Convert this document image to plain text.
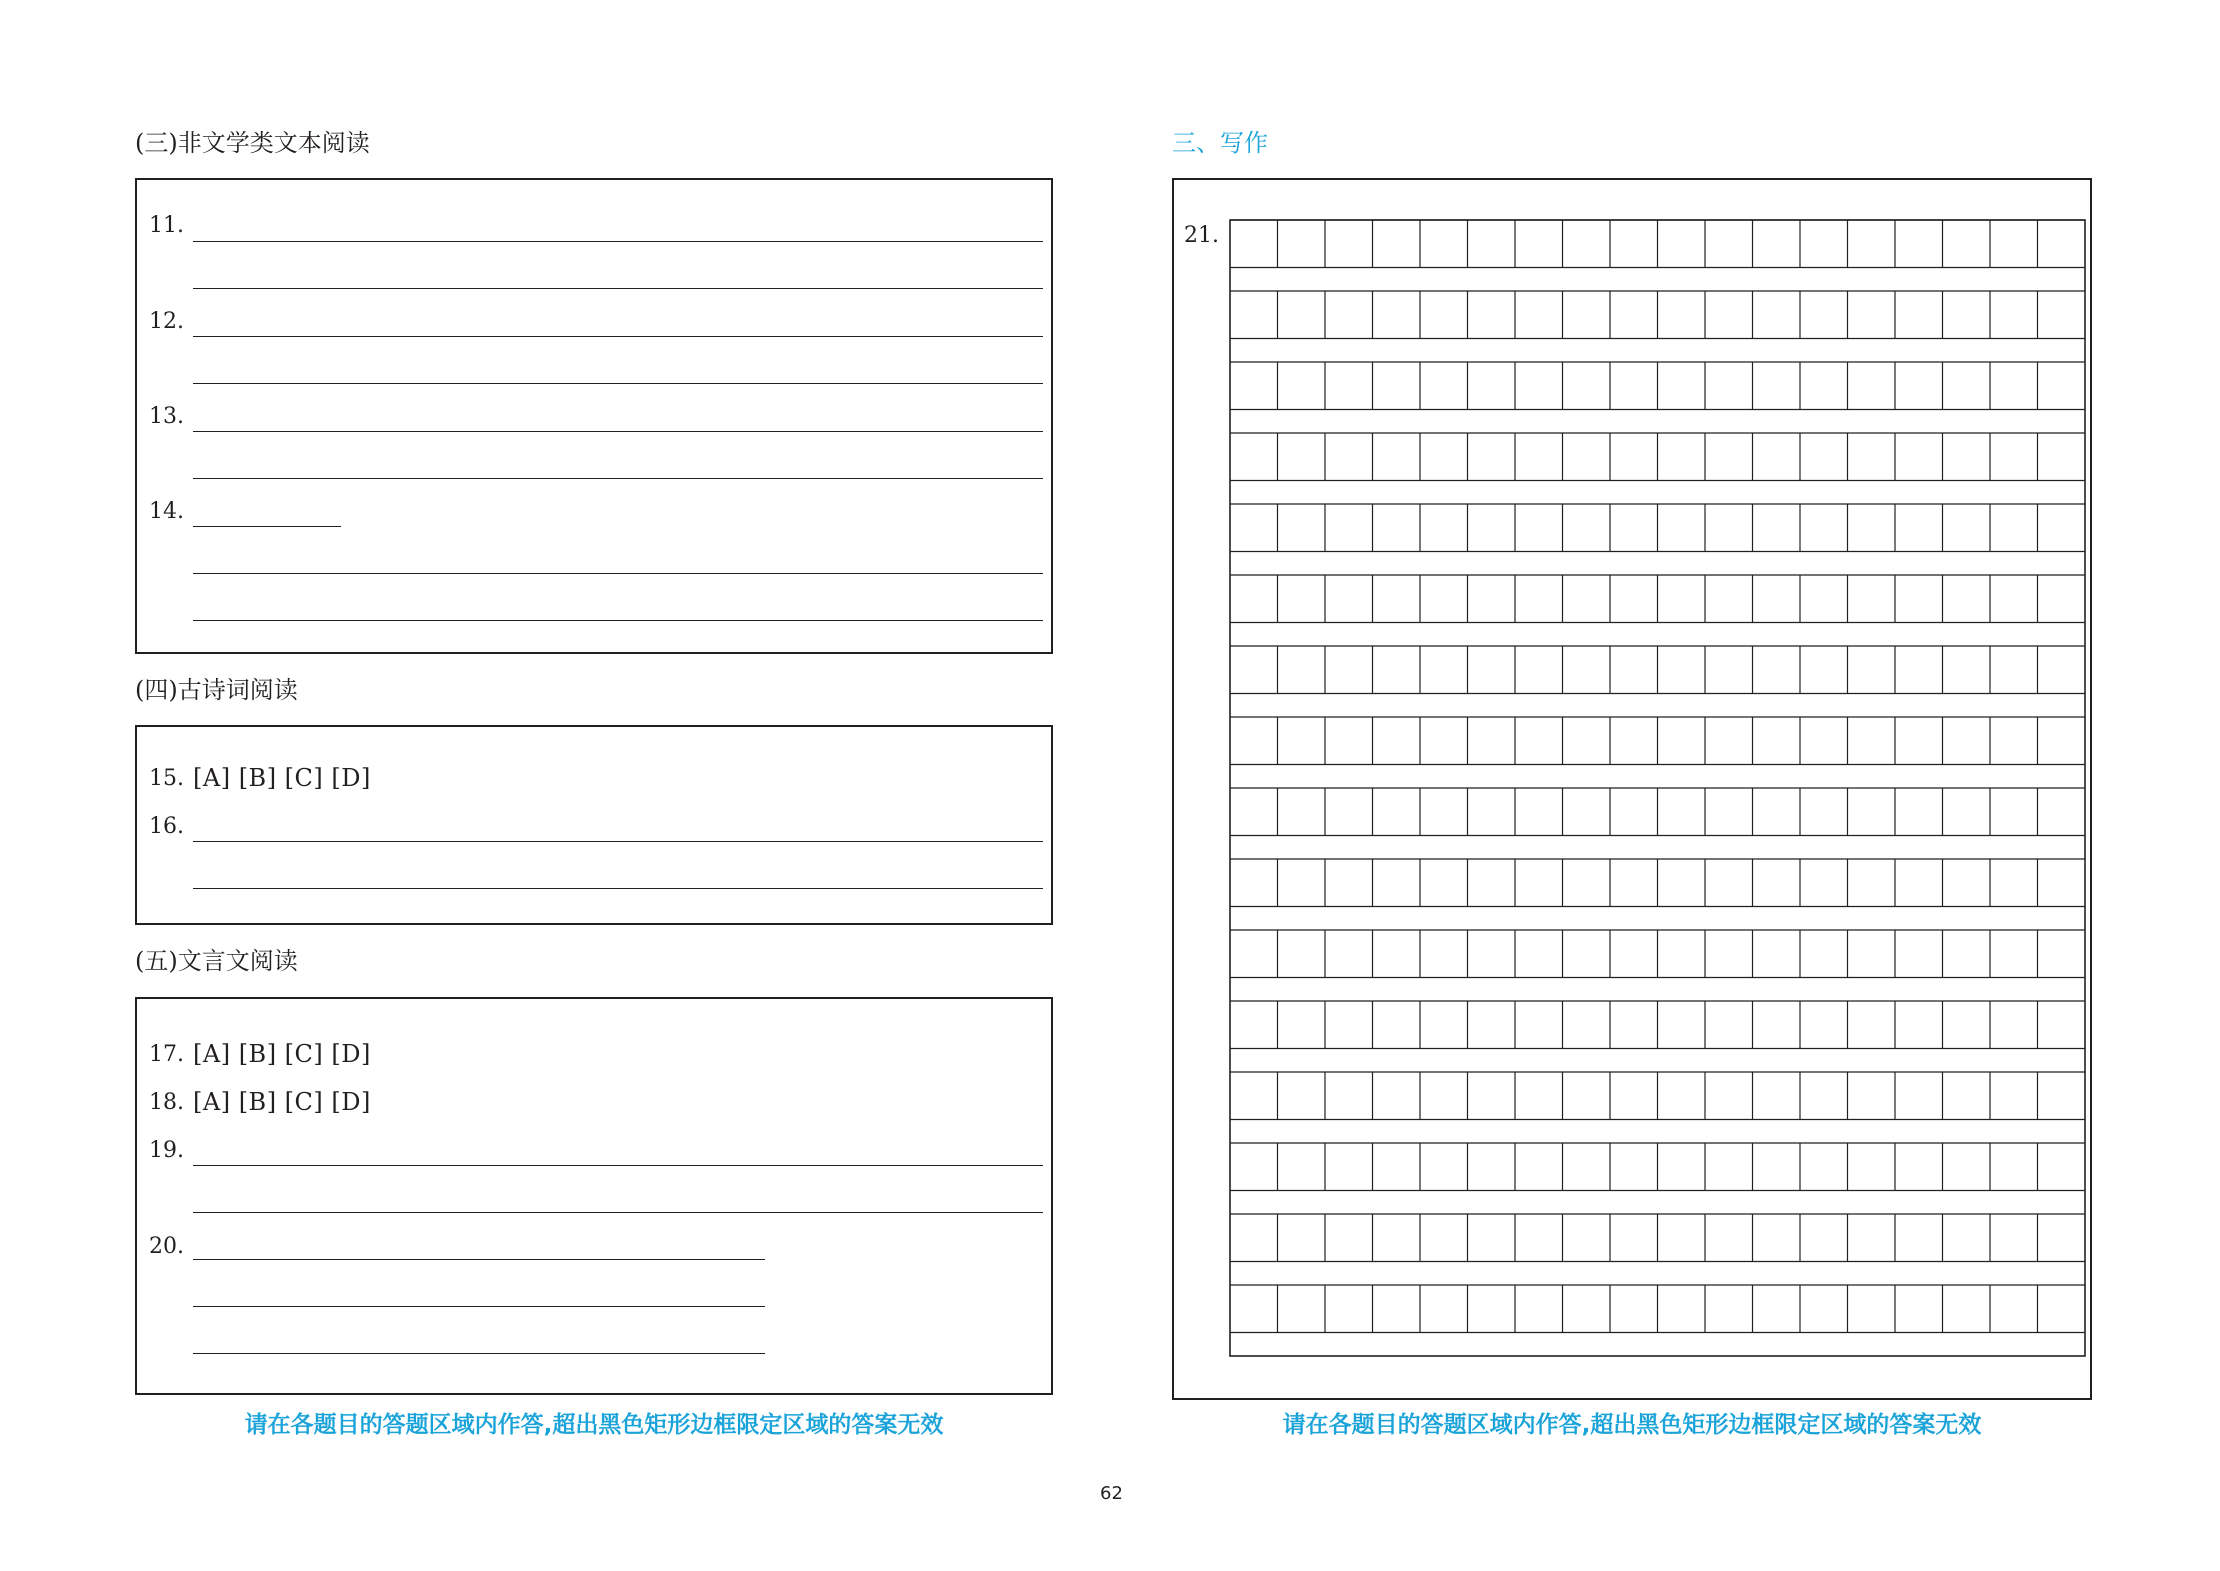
(三)非文学类文本阅读
11.
12.
13.
14.
(四)古诗词阅读
15. [A] [B] [C] [D]
16.
(五)文言文阅读
17. [A] [B] [C] [D]
18. [A] [B] [C] [D]
19.
20.
请在各题目的答题区域内作答,超出黑色矩形边框限定区域的答案无效
三、写作
21.
请在各题目的答题区域内作答,超出黑色矩形边框限定区域的答案无效
62
